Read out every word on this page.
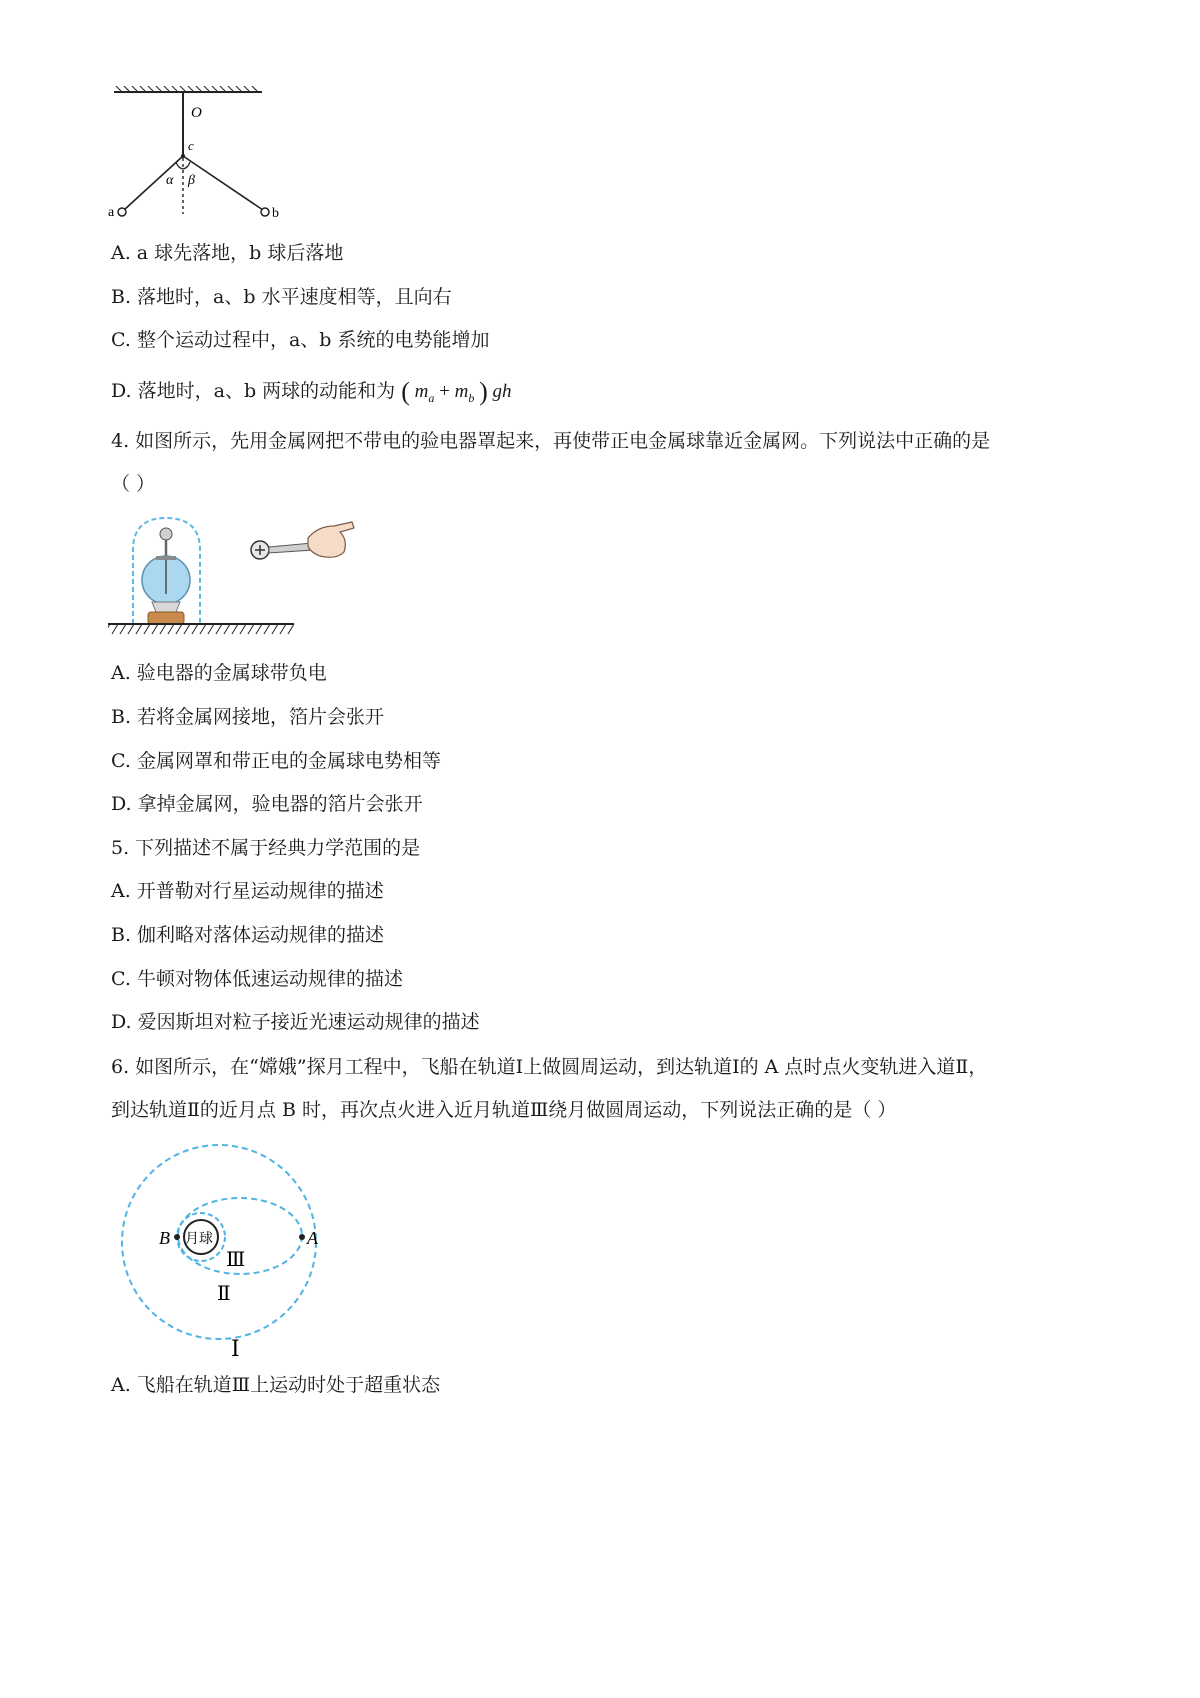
O
c
α β
a	b
A. a 球先落地，b 球后落地
B. 落地时，a、b 水平速度相等，且向右
C. 整个运动过程中，a、b 系统的电势能增加
D. 落地时，a、b 两球的动能和为 ( $m_a + m_b$ ) gh
4. 如图所示，先用金属网把不带电的验电器罩起来，再使带正电金属球靠近金属网。下列说法中正确的是
（ ）
A. 验电器的金属球带负电
B. 若将金属网接地，箔片会张开
C. 金属网罩和带正电的金属球电势相等
D. 拿掉金属网，验电器的箔片会张开
5. 下列描述不属于经典力学范围的是
A. 开普勒对行星运动规律的描述
B. 伽利略对落体运动规律的描述
C. 牛顿对物体低速运动规律的描述
D. 爱因斯坦对粒子接近光速运动规律的描述
6. 如图所示，在“嫦娥”探月工程中，飞船在轨道Ⅰ上做圆周运动，到达轨道Ⅰ的 A 点时点火变轨进入道Ⅱ，
到达轨道Ⅱ的近月点 B 时，再次点火进入近月轨道Ⅲ绕月做圆周运动，下列说法正确的是（ ）
月球
B	A
Ⅲ
Ⅱ
Ⅰ
A. 飞船在轨道Ⅲ上运动时处于超重状态
